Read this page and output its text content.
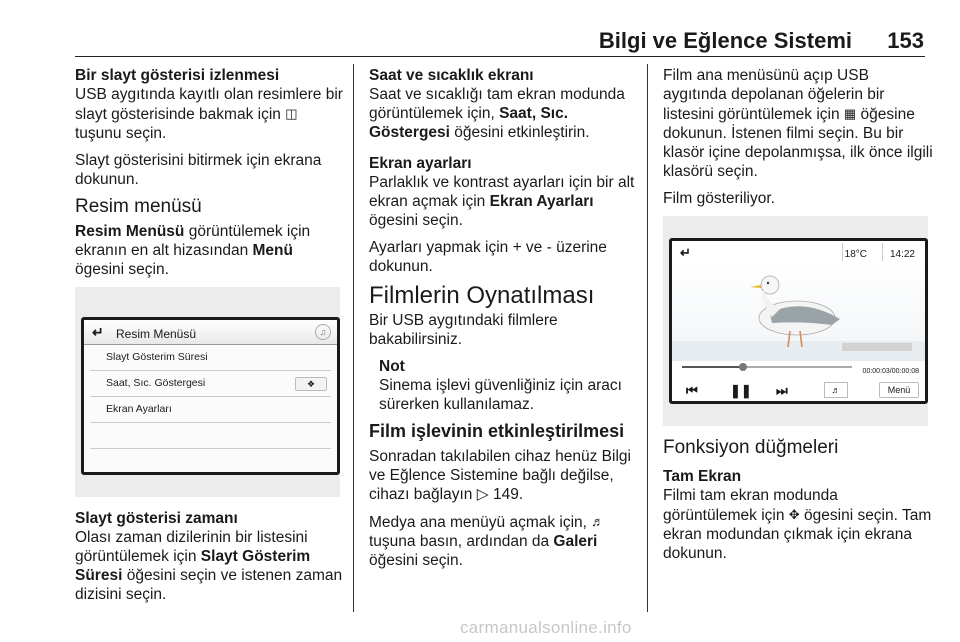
Bilgi ve Eğlence Sistemi 153
Bir slayt gösterisi izlenmesi

USB aygıtında kayıtlı olan resimlere bir slayt gösterisinde bakmak için ◫ tuşunu seçin.

Slayt gösterisini bitirmek için ekrana dokunun.

Resim menüsü

Resim Menüsü görüntülemek için ekranın en alt hizasından Menü ögesini seçin.

↵ Resim Menüsü	♫
Slayt Gösterim Süresi
Saat, Sıc. Göstergesi	❖
Ekran Ayarları
Slayt gösterisi zamanı

Olası zaman dizilerinin bir listesini görüntülemek için Slayt Gösterim Süresi öğesini seçin ve istenen zaman dizisini seçin.

Saat ve sıcaklık ekranı

Saat ve sıcaklığı tam ekran modunda görüntülemek için, Saat, Sıc. Göstergesi öğesini etkinleştirin.

Ekran ayarları

Parlaklık ve kontrast ayarları için bir alt ekran açmak için Ekran Ayarları ögesini seçin.

Ayarları yapmak için + ve - üzerine dokunun.

Filmlerin Oynatılması

Bir USB aygıtındaki filmlere bakabilirsiniz.

Not

Sinema işlevi güvenliğiniz için aracı sürerken kullanılamaz.

Film işlevinin etkinleştirilmesi

Sonradan takılabilen cihaz henüz Bilgi ve Eğlence Sistemine bağlı değilse, cihazı bağlayın ▷ 149.

Medya ana menüyü açmak için, ♬
tuşuna basın, ardından da Galeri
öğesini seçin.

Film ana menüsünü açıp USB aygıtında depolanan öğelerin bir listesini görüntülemek için ▦ öğesine dokunun. İstenen filmi seçin. Bu bir klasör içine depolanmışsa, ilk önce ilgili klasörü seçin.

Film gösteriliyor.

↵	18°C 14:22
00:00:03/00:00:08
⏮ ❚❚ ⏭	♬	Menü
Fonksiyon düğmeleri
Tam Ekran

Filmi tam ekran modunda görüntülemek için ✥ ögesini seçin. Tam ekran modundan çıkmak için ekrana dokunun.

carmanualsonline.info
